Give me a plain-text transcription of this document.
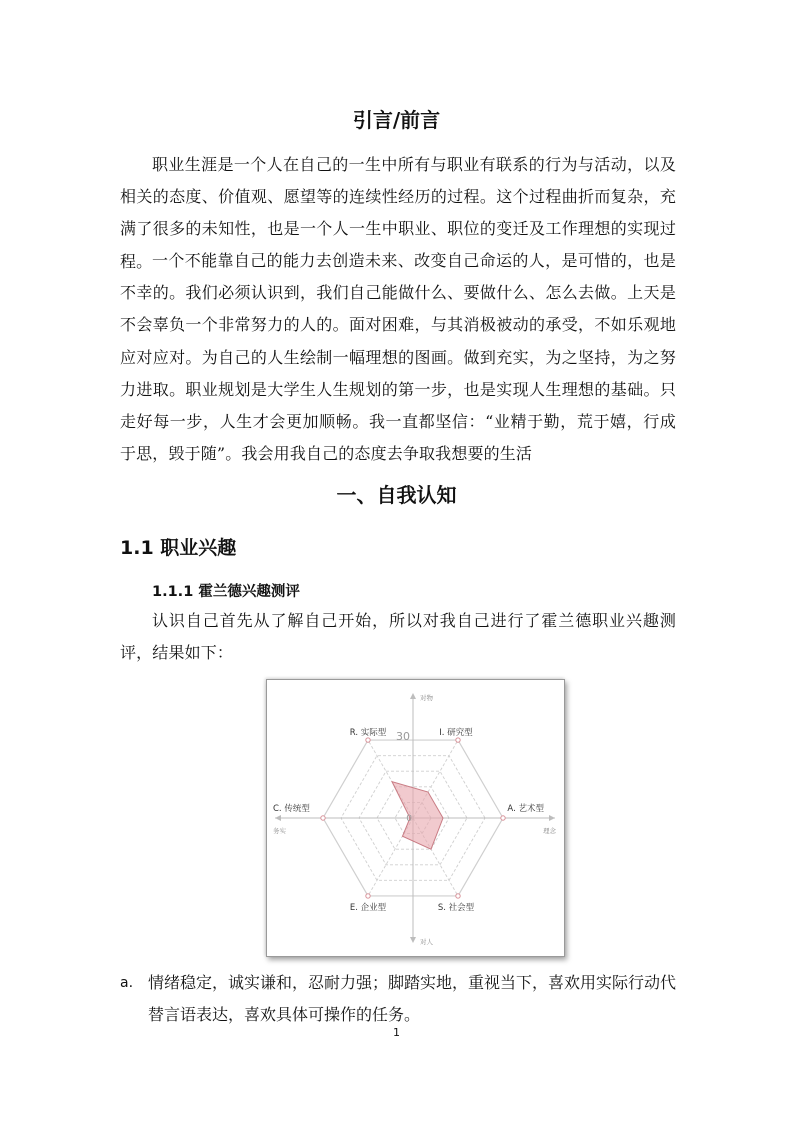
引言/前言
职业生涯是一个人在自己的一生中所有与职业有联系的行为与活动，以及相关的态度、价值观、愿望等的连续性经历的过程。这个过程曲折而复杂，充满了很多的未知性，也是一个人一生中职业、职位的变迁及工作理想的实现过程。 一个不能靠自己的能力去创造未来、改变自己命运的人，是可惜的，也是不幸的。我们必须认识到，我们自己能做什么、要做什么、怎么去做。上天是不会辜负一个非常努力的人的。面对困难，与其消极被动的承受，不如乐观地应对应对。为自己的人生绘制一幅理想的图画。做到充实，为之坚持，为之努力进取。职业规划是大学生人生规划的第一步，也是实现人生理想的基础。只走好每一步，人生才会更加顺畅。我一直都坚信：“业精于勤，荒于嬉，行成于思，毁于随”。我会用我自己的态度去争取我想要的生活
一、自我认知
1.1 职业兴趣
1.1.1 霍兰德兴趣测评
认识自己首先从了解自己开始，所以对我自己进行了霍兰德职业兴趣测评，结果如下：
A. 艺术型
I. 研究型
R. 实际型
C. 传统型
E. 企业型	S. 社会型
对物
对人
务实	理念
30
0
a. 情绪稳定，诚实谦和，忍耐力强；脚踏实地，重视当下，喜欢用实际行动代替言语表达，喜欢具体可操作的任务。
1
